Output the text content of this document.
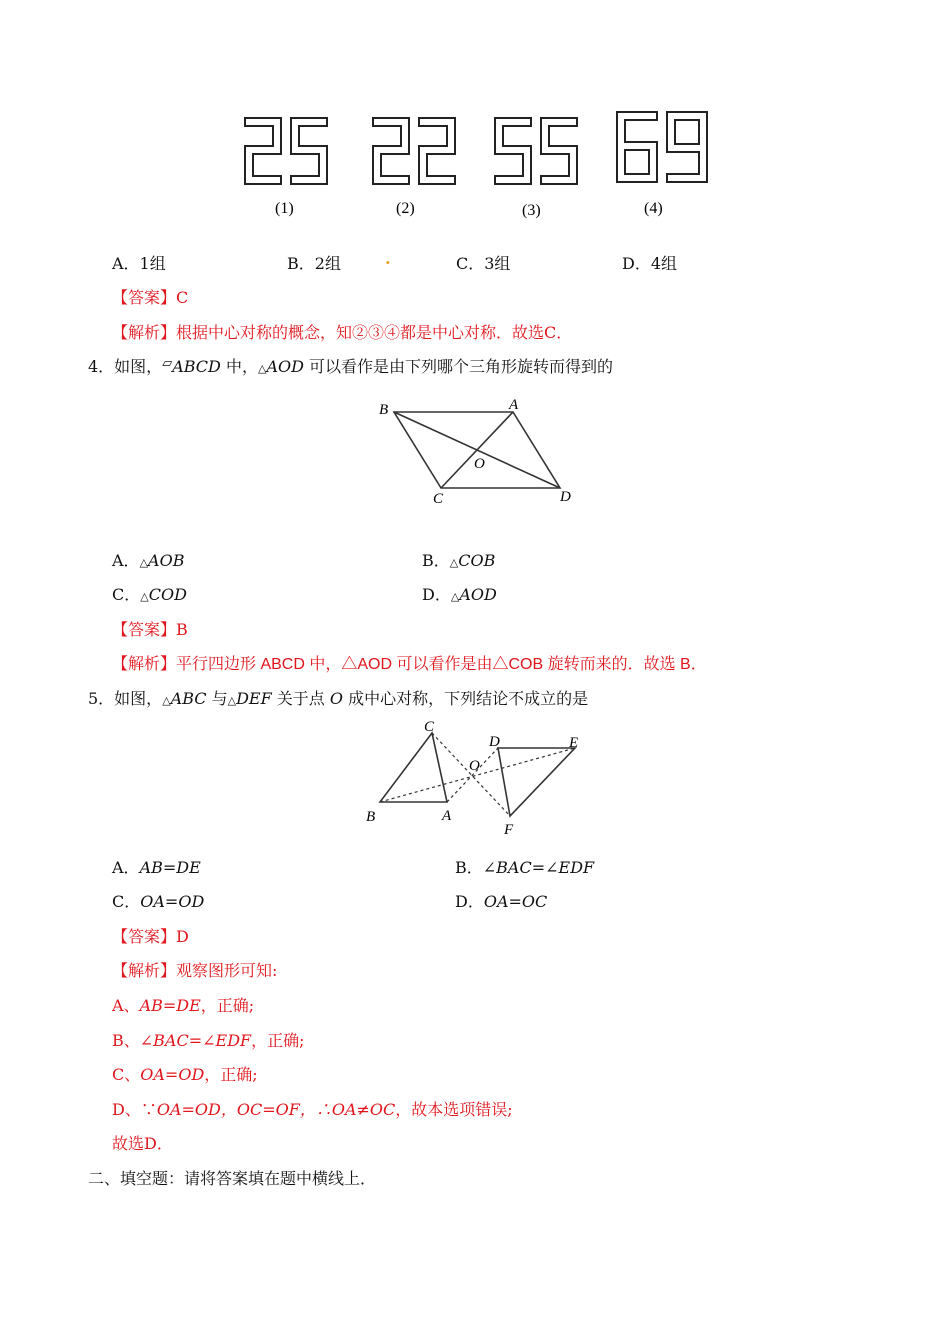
(1)	(2)	(3)	(4)
A．1组	B．2组	.	C．3组	D．4组
【答案】C
【解析】根据中心对称的概念，知②③④都是中心对称．故选C．
4．如图，▱ABCD 中，△AOD 可以看作是由下列哪个三角形旋转而得到的
B	A
O
C	D
A．△AOB	B．△COB
C．△COD	D．△AOD
【答案】B
【解析】平行四边形 ABCD 中，△AOD 可以看作是由△COB 旋转而来的．故选 B．
5．如图，△ABC 与△DEF 关于点 O 成中心对称，下列结论不成立的是
C
D	E
O
B	A
F
A．AB=DE	B．∠BAC=∠EDF
C．OA=OD	D．OA=OC
【答案】D
【解析】观察图形可知:
A、AB=DE，正确;
B、∠BAC=∠EDF，正确;
C、OA=OD，正确;
D、∵OA=OD，OC=OF，∴OA≠OC，故本选项错误;
故选D．
二、填空题：请将答案填在题中横线上．
